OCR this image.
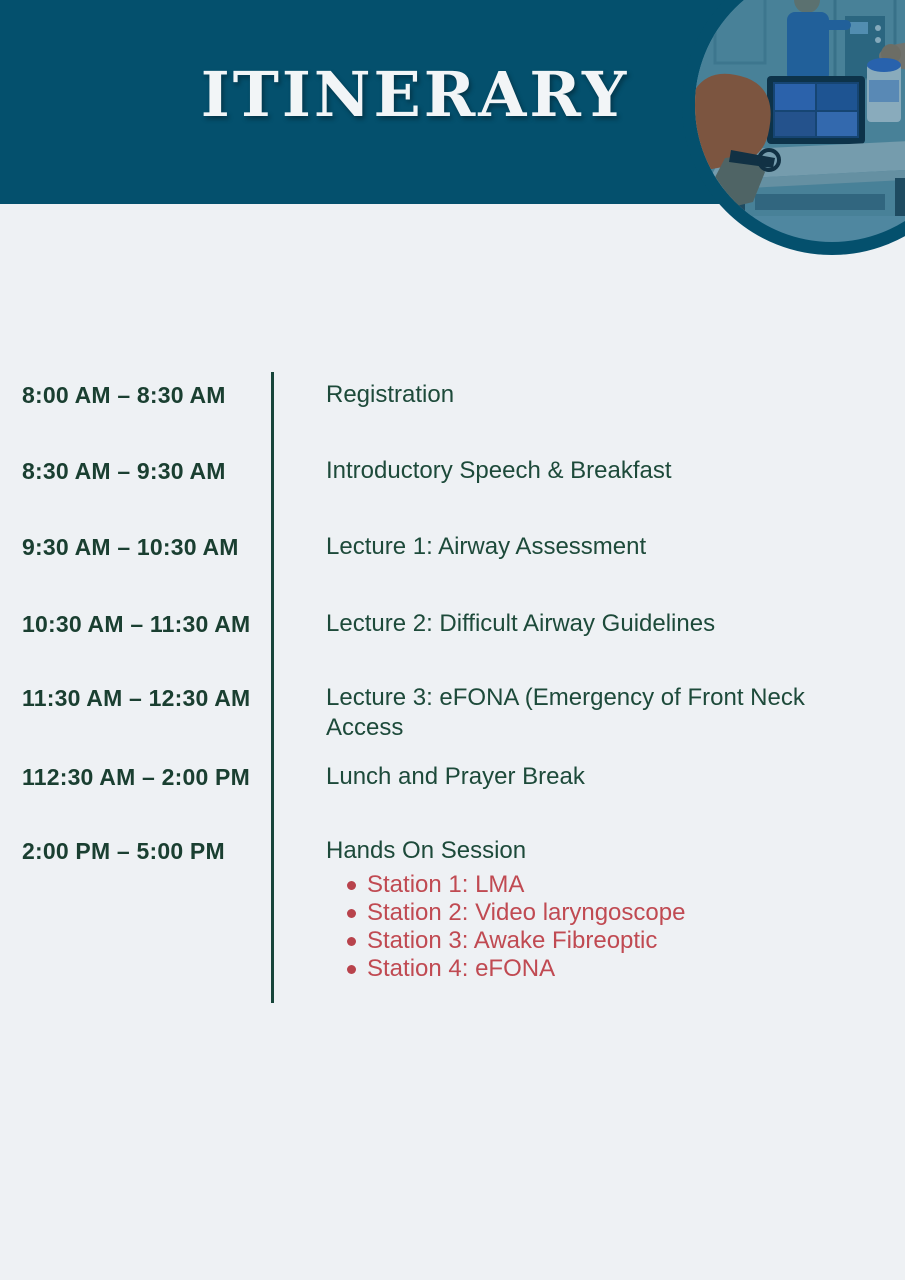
ITINERARY
8:00 AM – 8:30 AM	Registration
8:30 AM – 9:30 AM	Introductory Speech & Breakfast
9:30 AM – 10:30 AM	Lecture 1: Airway Assessment
10:30 AM – 11:30 AM	Lecture 2: Difficult Airway Guidelines
11:30 AM – 12:30 AM	Lecture 3: eFONA (Emergency of Front Neck Access
112:30 AM – 2:00 PM	Lunch and Prayer Break
2:00 PM – 5:00 PM	Hands On Session
Station 1: LMA
Station 2: Video laryngoscope
Station 3: Awake Fibreoptic
Station 4: eFONA
